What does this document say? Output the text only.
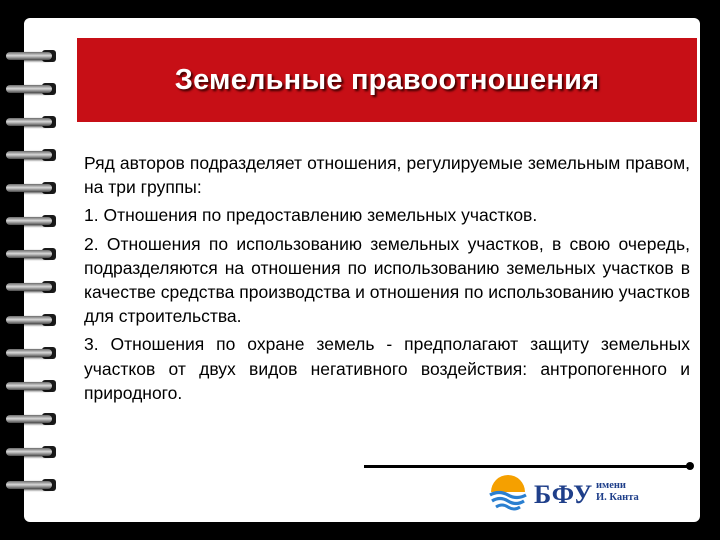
Земельные правоотношения

Ряд авторов подразделяет отношения, регулируемые земельным правом, на три группы:

1. Отношения по предоставлению земельных участков.

2. Отношения по использованию земельных участков, в свою очередь, подразделяются на отношения по использованию земельных участков в качестве средства производства и отношения по использованию участков для строительства.

3. Отношения по охране земель - предполагают защиту земельных участков от двух видов негативного воздействия: антропогенного и природного.

БФУ имени
И. Канта
